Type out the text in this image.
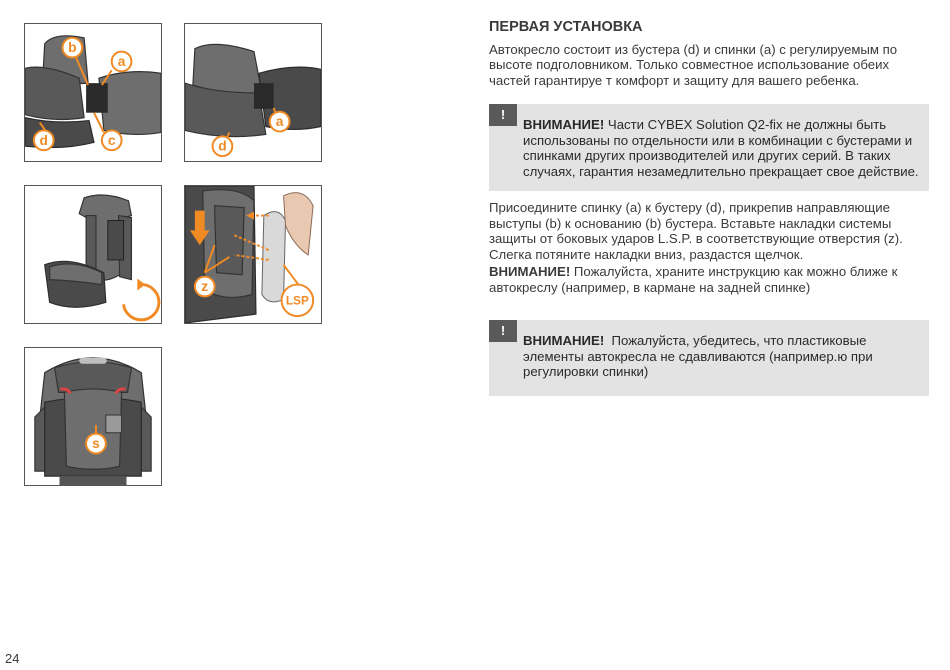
b
a
d	c
a
d
z
LSP
s

ПЕРВАЯ УСТАНОВКА

Автокресло состоит из бустера (d) и спинки (a) с регулируемым по высоте подголовником. Только совместное использование обеих частей гарантируе т комфорт и защиту для вашего ребенка.

!
ВНИМАНИЕ! Части CYBEX Solution Q2-fix не должны быть использованы по отдельности или в комбинации с бустерами и спинками других производителей или других серий. В таких случаях, гарантия незамедлительно прекращает свое действие.

Присоедините спинку (a) к бустеру (d), прикрепив направляющие выступы (b) к основанию (b) бустера. Вставьте накладки системы защиты от боковых ударов L.S.P. в соответствующие отверстия (z). Слегка потяните накладки вниз, раздастся щелчок.

ВНИМАНИЕ! Пожалуйста, храните инструкцию как можно ближе к автокреслу (например, в кармане на задней спинке)

!
ВНИМАНИЕ!  Пожалуйста, убедитесь, что пластиковые элементы автокресла не сдавливаются (например.ю при регулировки спинки)
24
